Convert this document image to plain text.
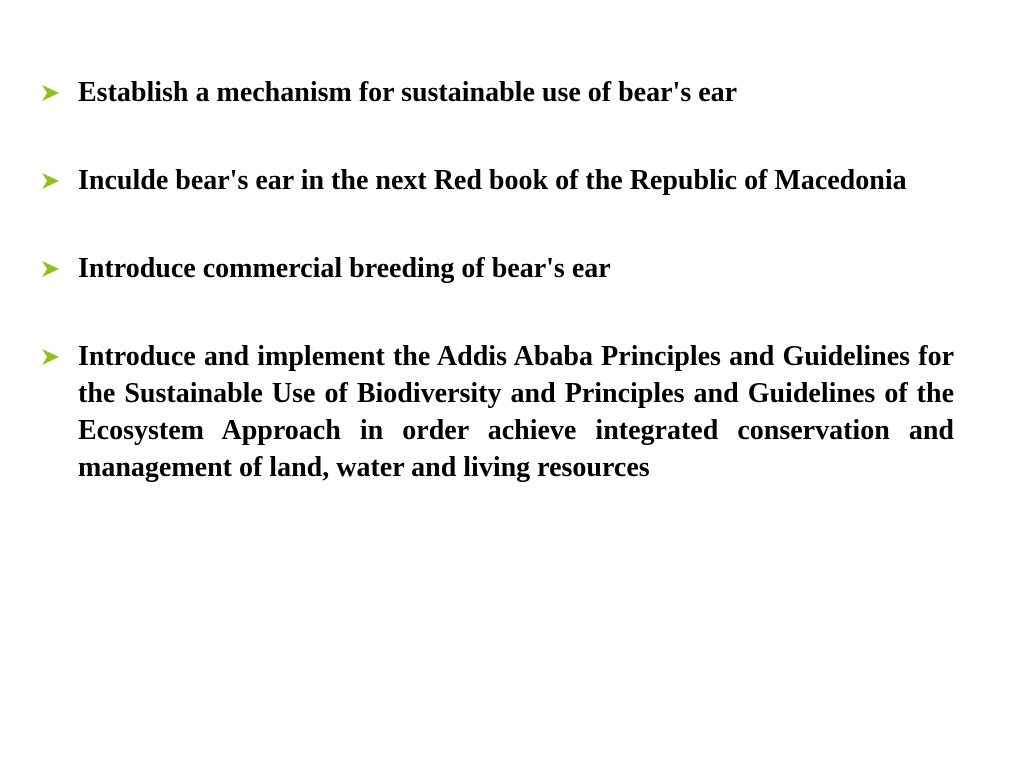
Establish a mechanism for sustainable use of bear's ear
Inculde bear's ear in the next Red book of the Republic of Macedonia
Introduce commercial breeding of bear's ear
Introduce and implement the Addis Ababa Principles and Guidelines for the Sustainable Use of Biodiversity and Principles and Guidelines of the Ecosystem Approach in order achieve integrated conservation and management of land, water and living resources
